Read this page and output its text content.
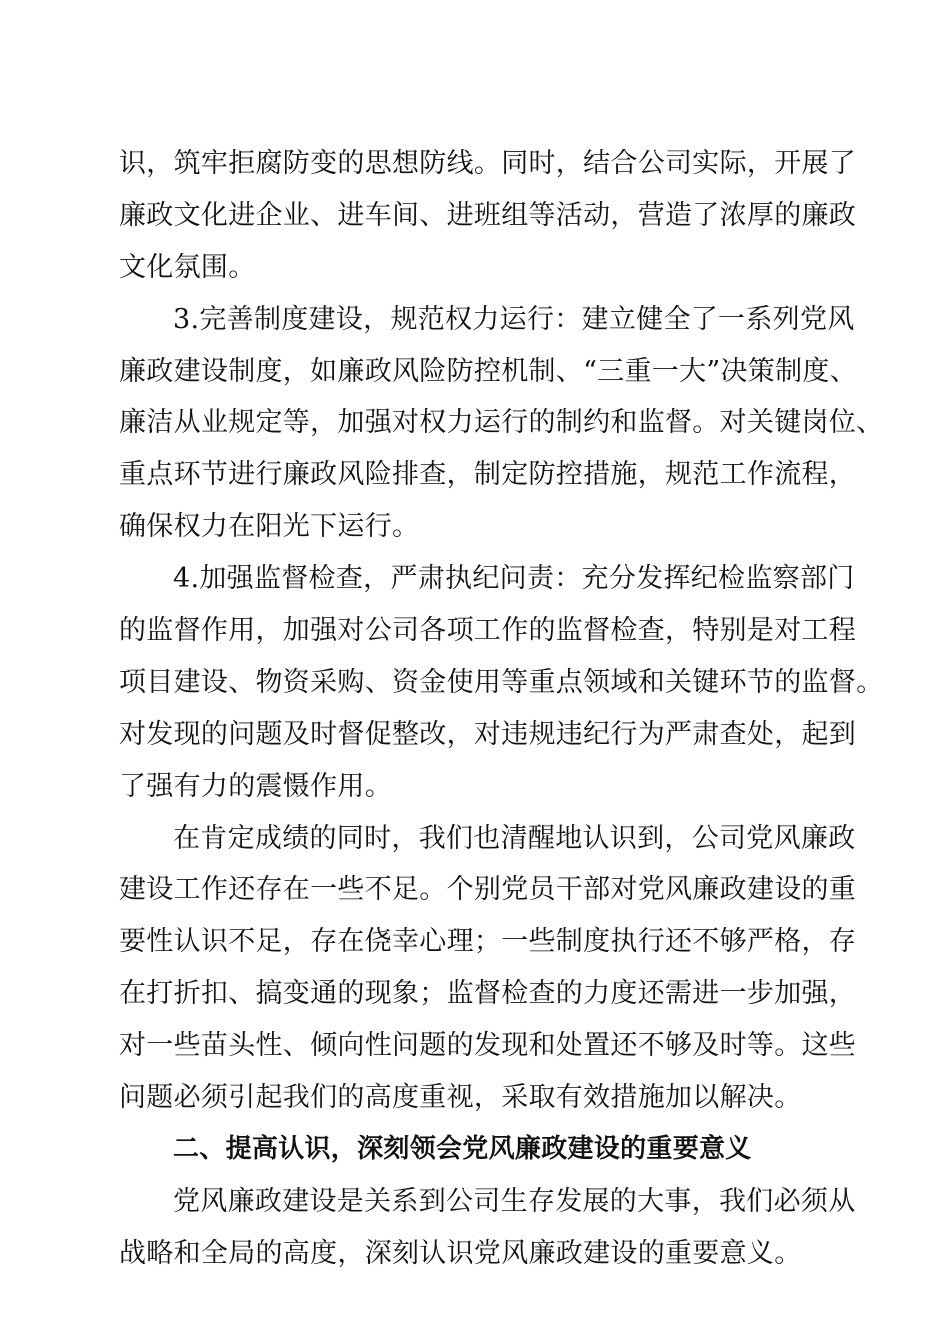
识，筑牢拒腐防变的思想防线。同时，结合公司实际，开展了
廉政文化进企业、进车间、进班组等活动，营造了浓厚的廉政
文化氛围。
3.完善制度建设，规范权力运行：建立健全了一系列党风
廉政建设制度，如廉政风险防控机制、“三重一大”决策制度、
廉洁从业规定等，加强对权力运行的制约和监督。对关键岗位、
重点环节进行廉政风险排查，制定防控措施，规范工作流程，
确保权力在阳光下运行。
4.加强监督检查，严肃执纪问责：充分发挥纪检监察部门
的监督作用，加强对公司各项工作的监督检查，特别是对工程
项目建设、物资采购、资金使用等重点领域和关键环节的监督。
对发现的问题及时督促整改，对违规违纪行为严肃查处，起到
了强有力的震慑作用。
在肯定成绩的同时，我们也清醒地认识到，公司党风廉政
建设工作还存在一些不足。个别党员干部对党风廉政建设的重
要性认识不足，存在侥幸心理；一些制度执行还不够严格，存
在打折扣、搞变通的现象；监督检查的力度还需进一步加强，
对一些苗头性、倾向性问题的发现和处置还不够及时等。这些
问题必须引起我们的高度重视，采取有效措施加以解决。
二、提高认识，深刻领会党风廉政建设的重要意义
党风廉政建设是关系到公司生存发展的大事，我们必须从
战略和全局的高度，深刻认识党风廉政建设的重要意义。
